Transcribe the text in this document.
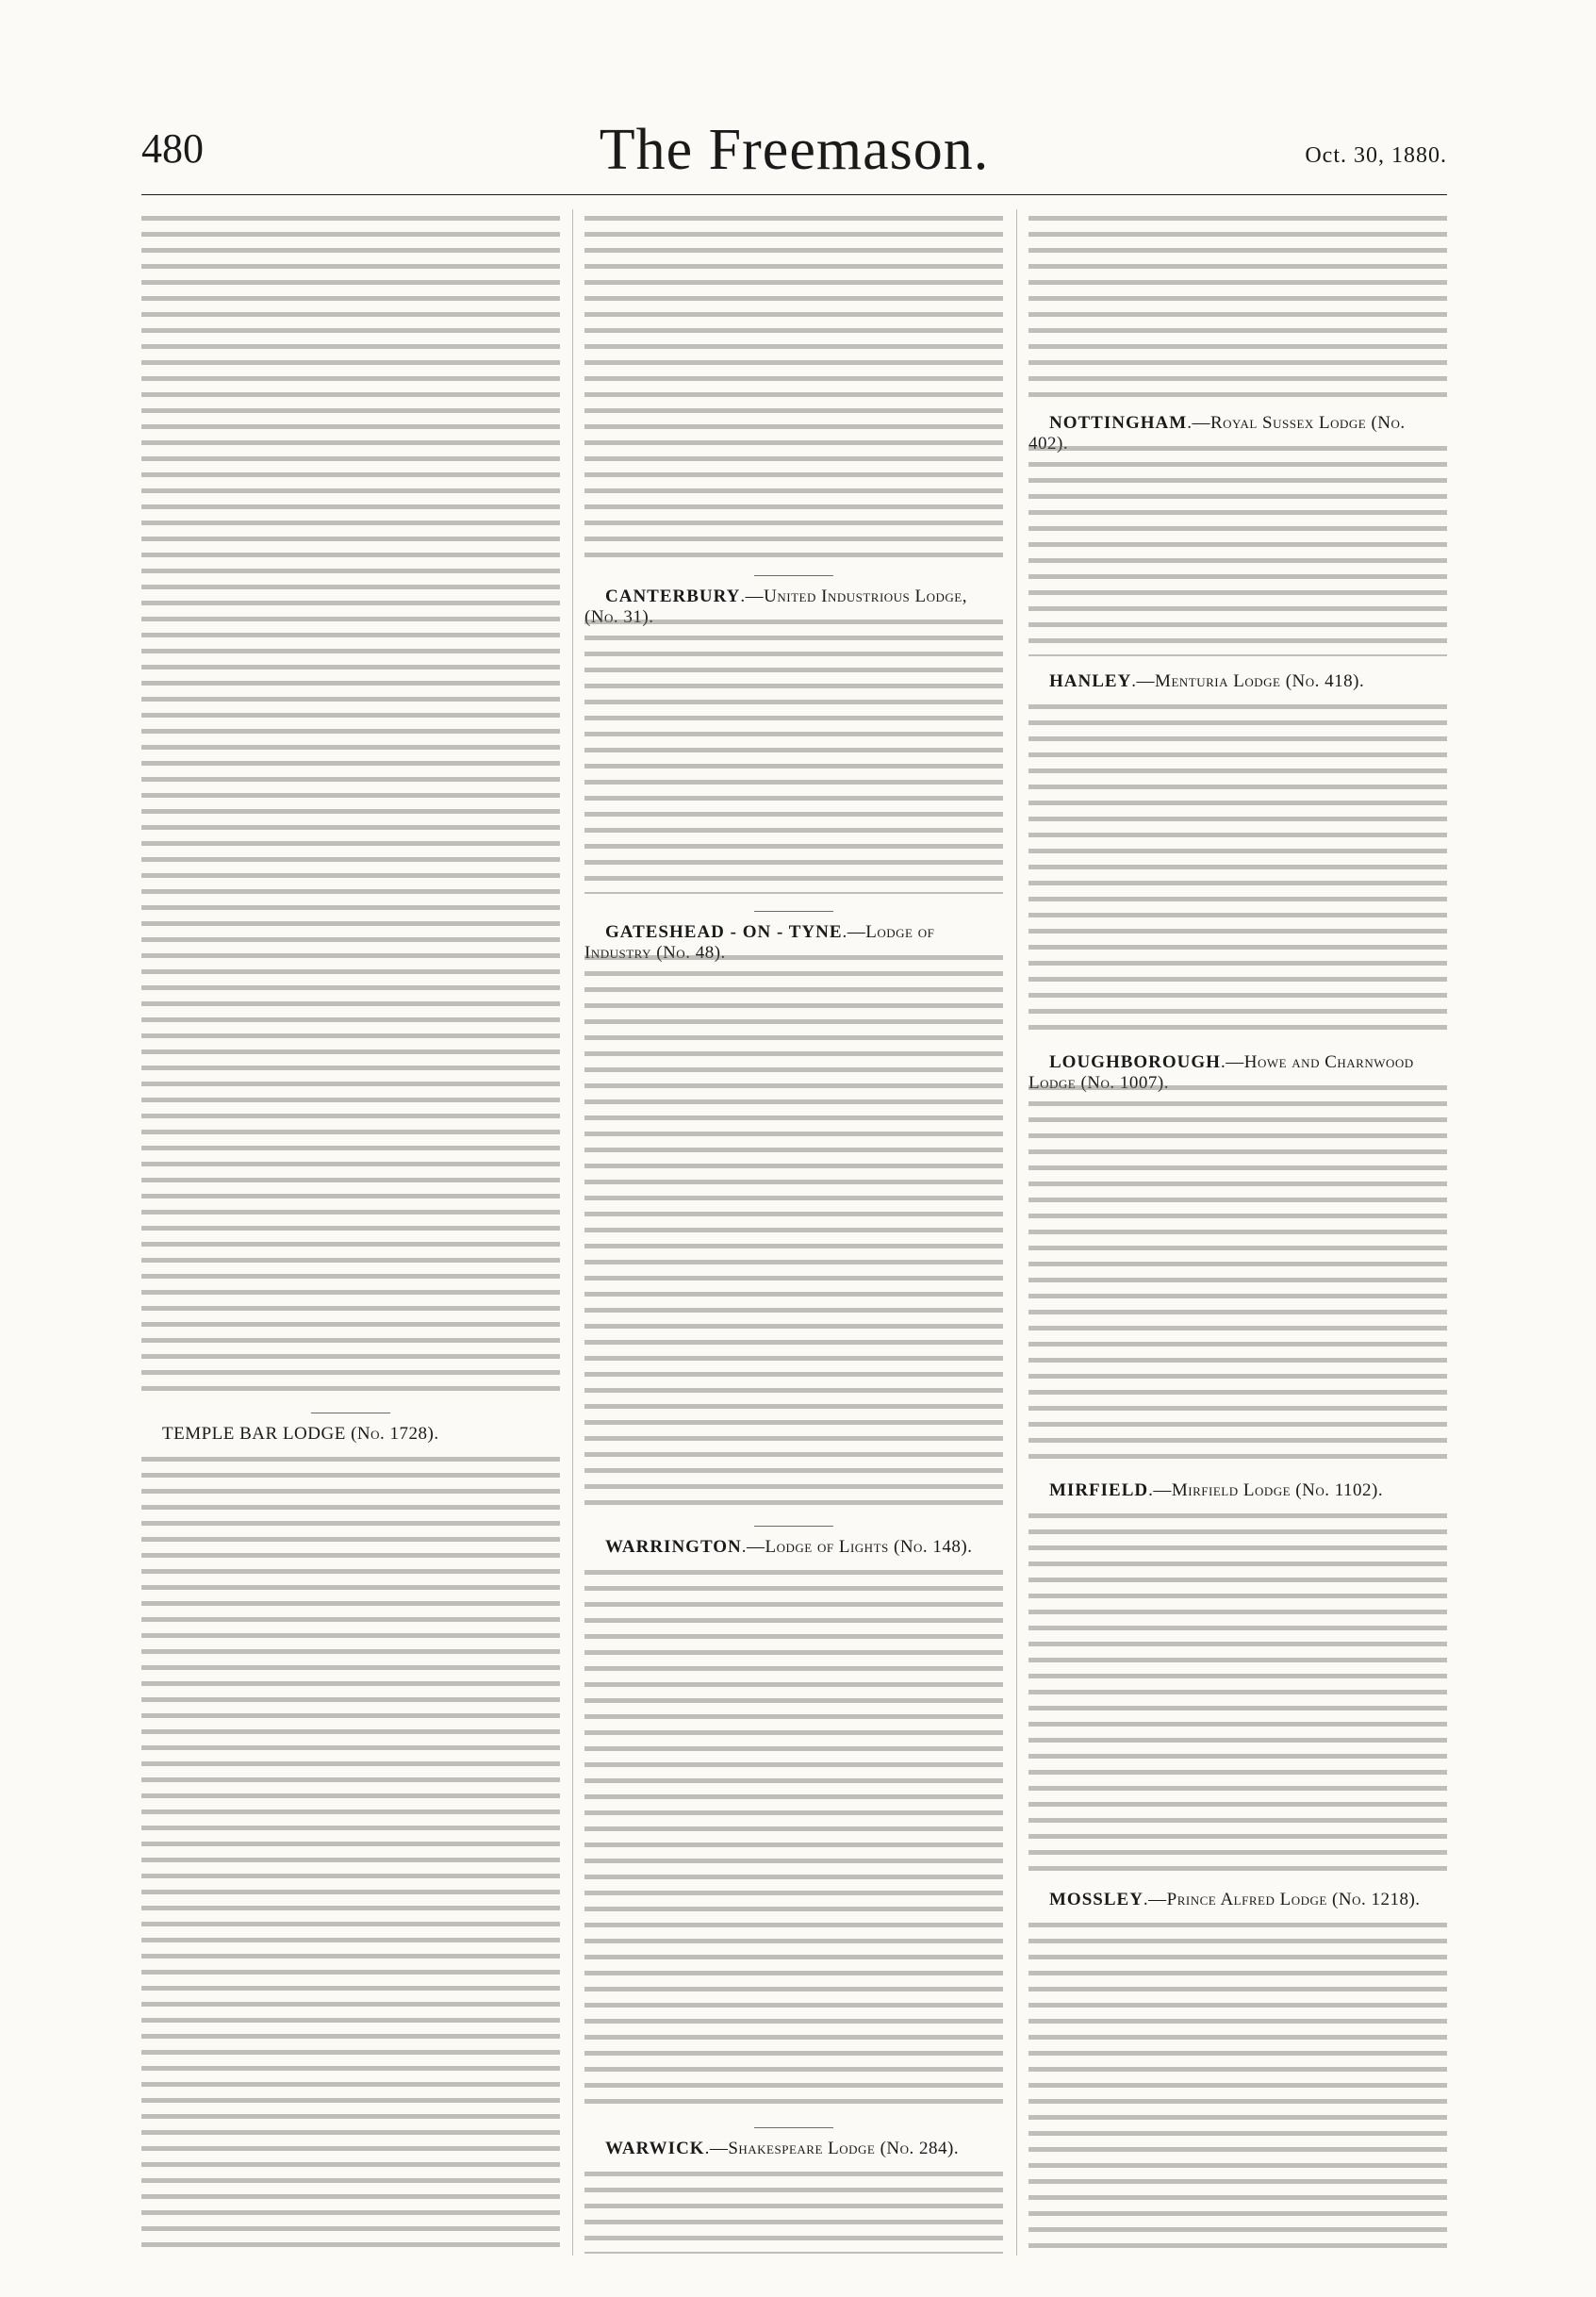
480	The Freemason.	Oct. 30, 1880.
TEMPLE BAR LODGE (No. 1728).
CANTERBURY.—United Industrious Lodge, (No. 31).
GATESHEAD - ON - TYNE.—Lodge of Industry (No. 48).
WARRINGTON.—Lodge of Lights (No. 148).
WARWICK.—Shakespeare Lodge (No. 284).
NOTTINGHAM.—Royal Sussex Lodge (No. 402).
HANLEY.—Menturia Lodge (No. 418).
LOUGHBOROUGH.—Howe and Charnwood Lodge (No. 1007).
MIRFIELD.—Mirfield Lodge (No. 1102).
MOSSLEY.—Prince Alfred Lodge (No. 1218).
